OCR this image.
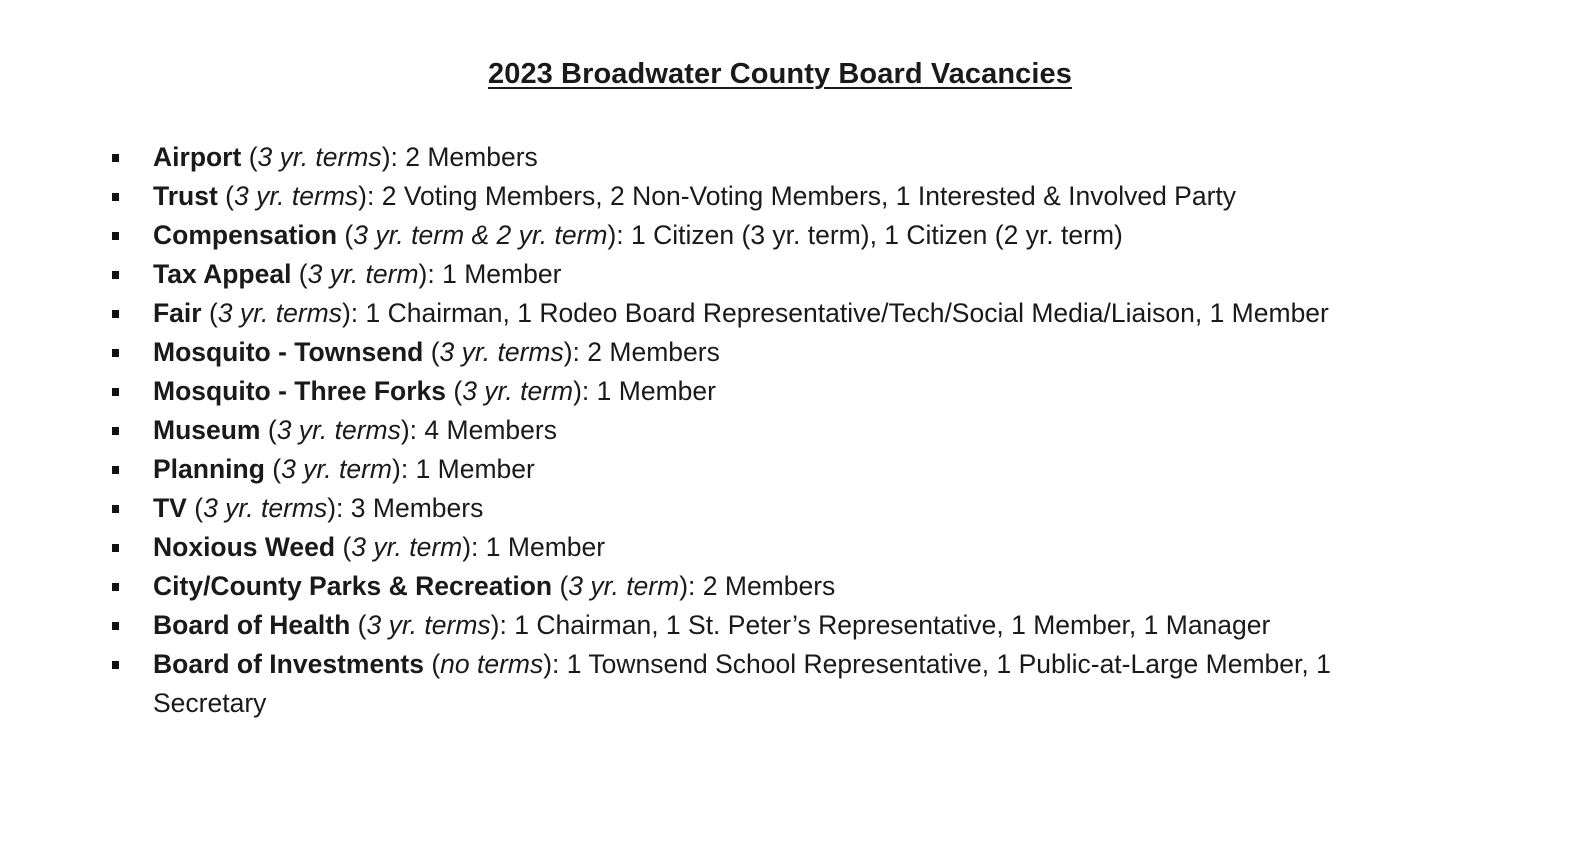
2023 Broadwater County Board Vacancies
Airport (3 yr. terms): 2 Members
Trust (3 yr. terms): 2 Voting Members, 2 Non-Voting Members, 1 Interested & Involved Party
Compensation (3 yr. term & 2 yr. term): 1 Citizen (3 yr. term), 1 Citizen (2 yr. term)
Tax Appeal (3 yr. term): 1 Member
Fair (3 yr. terms): 1 Chairman, 1 Rodeo Board Representative/Tech/Social Media/Liaison, 1 Member
Mosquito - Townsend (3 yr. terms): 2 Members
Mosquito - Three Forks (3 yr. term): 1 Member
Museum (3 yr. terms): 4 Members
Planning (3 yr. term): 1 Member
TV (3 yr. terms): 3 Members
Noxious Weed (3 yr. term): 1 Member
City/County Parks & Recreation (3 yr. term): 2 Members
Board of Health (3 yr. terms): 1 Chairman, 1 St. Peter’s Representative, 1 Member, 1 Manager
Board of Investments (no terms): 1 Townsend School Representative, 1 Public-at-Large Member, 1
Secretary
